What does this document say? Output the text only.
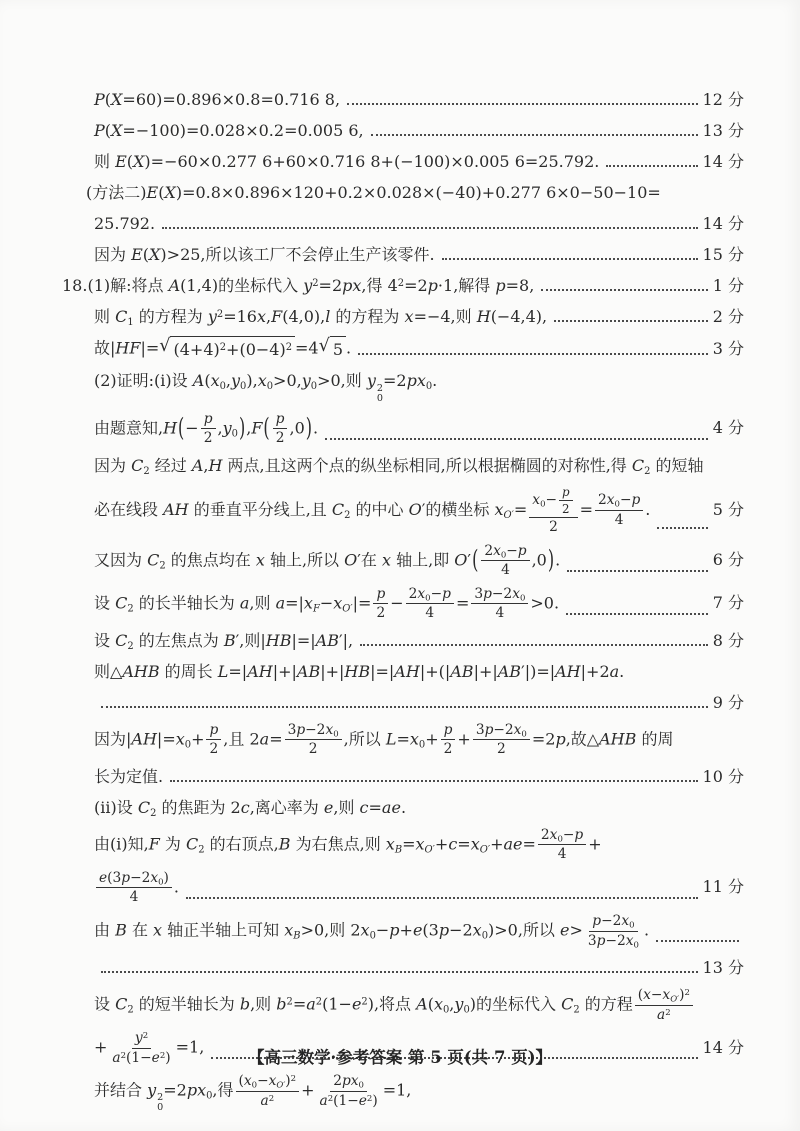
P(X=60)=0.896×0.8=0.716 8,	12 分
P(X=−100)=0.028×0.2=0.005 6,	13 分
则 E(X)=−60×0.277 6+60×0.716 8+(−100)×0.005 6=25.792.	14 分
(方法二)E(X)=0.8×0.896×120+0.2×0.028×(−40)+0.277 6×0−50−10=
25.792.	14 分
因为 E(X)>25,所以该工厂不会停止生产该零件.	15 分
18.(1)解:将点 A(1,4)的坐标代入 $y^2=2px$,得 $4^2=2p\cdot 1$,解得 p=8,	1 分
则 $C_1$ 的方程为 $y^2=16x,F(4,0),l$ 的方程为 x=−4,则 H(−4,4),	2 分
故|HF|= √ $(4+4)^2+(0-4)^2 =4$ √ 5 .	3 分
(2)证明:(ⅰ)设 $A(x_0,y_0),x_0>0,y_0>0$,则 y 2
0
$=2px_0$.
由题意知$,H(- \frac{p}{2} ,y_0),F( \frac{p}{2} ,0)$.	4 分
因为 $C_2$ 经过 A,H 两点,且这两个点的纵坐标相同,所以根据椭圆的对称性,得 $C_2$ 的短轴
必在线段 AH 的垂直平分线上,且 $C_2$ 的中心 O′的横坐标 $x_{O'}= \frac{x_0- \frac{p}{2}}{2} = \frac{2x_0-p}{4}$ .	5 分
又因为 $C_2$ 的焦点均在 x 轴上,所以 O′在 x 轴上,即 $O'( \frac{2x_0-p}{4} ,0)$.	6 分
设 $C_2$ 的长半轴长为 a,则 $a=|x_F-x_{O'}|= \frac{p}{2} - \frac{2x_0-p}{4} = \frac{3p-2x_0}{4} >0$.	7 分
设 $C_2$ 的左焦点为 B′,则|HB|=|AB′|,	8 分
则△AHB 的周长 L=|AH|+|AB|+|HB|=|AH|+(|AB|+|AB′|)=|AH|+2a.
9 分
因为$|AH|=x_0+ \frac{p}{2}$ ,且 $2a= \frac{3p-2x_0}{2}$ ,所以 $L=x_0+ \frac{p}{2} + \frac{3p-2x_0}{2} =2p$,故△AHB 的周
长为定值.	10 分
(ⅱ)设 $C_2$ 的焦距为 2c,离心率为 e,则 c=ae.
由(ⅰ)知,F 为 $C_2$ 的右顶点,B 为右焦点,则 $x_B=x_{O'}+c=x_{O'}+ae= \frac{2x_0-p}{4}$ +
$\frac{e(3p-2x_0)}{4}$ .	11 分
由 B 在 x 轴正半轴上可知 $x_B>0$,则 $2x_0-p+e(3p-2x_0)>0$,所以 $e> \frac{p-2x_0}{3p-2x_0}$ .
13 分
设 $C_2$ 的短半轴长为 b,则 $b^2=a^2(1-e^2)$,将点 $A(x_0,y_0)$的坐标代入 $C_2$ 的方程 $\frac{(x-x_{O'})^2}{a^2}$
+ $\frac{y^2}{a^2(1-e^2)} =1$,	14 分
并结合 y 2
0
$=2px_0$,得 $\frac{(x_0-x_{O'})^2}{a^2} + \frac{2px_0}{a^2(1-e^2)} =1$,
【高三数学·参考答案 第 5 页(共 7 页)】
